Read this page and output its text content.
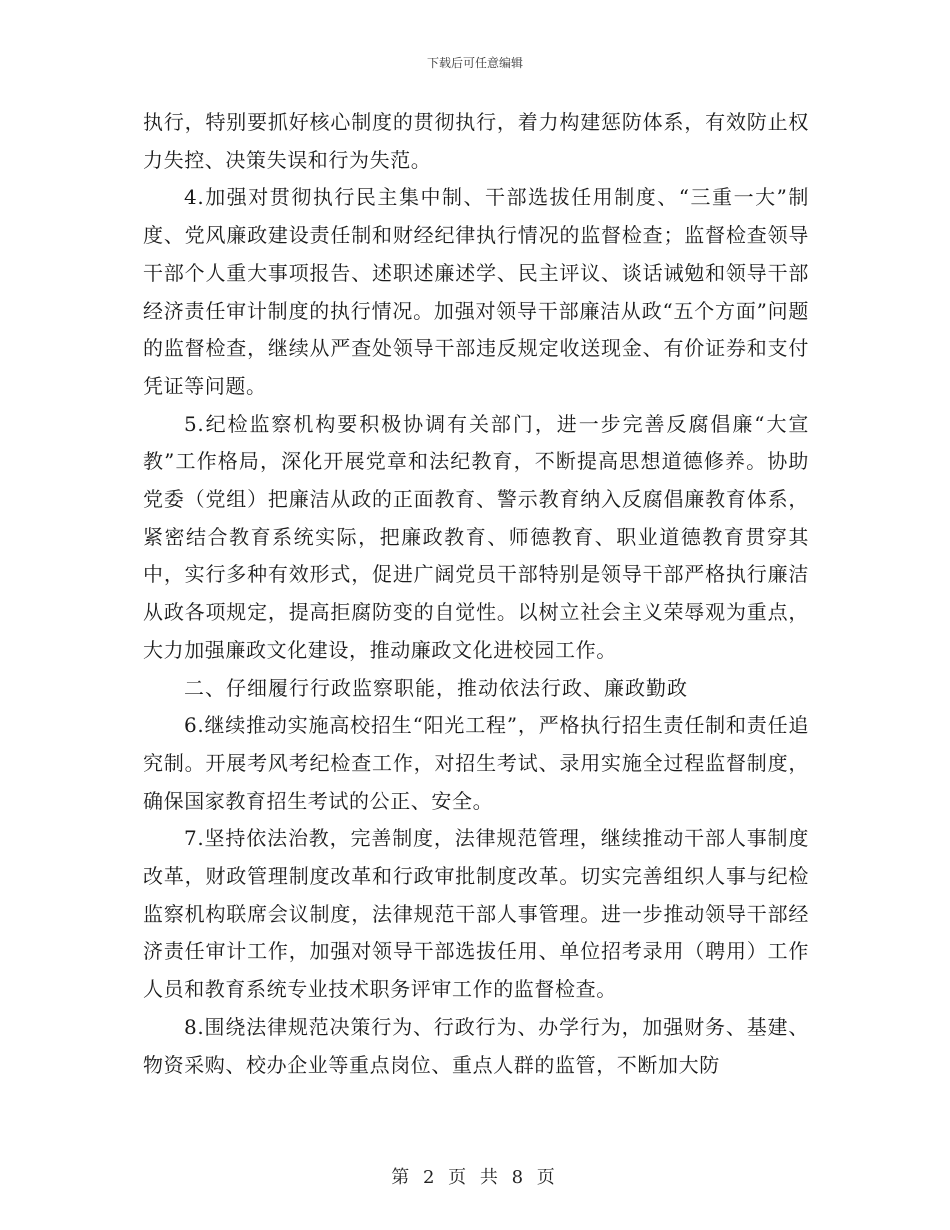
下载后可任意编辑

执行，特别要抓好核心制度的贯彻执行，着力构建惩防体系，有效防止权力失控、决策失误和行为失范。

4.加强对贯彻执行民主集中制、干部选拔任用制度、“三重一大”制度、党风廉政建设责任制和财经纪律执行情况的监督检查；监督检查领导干部个人重大事项报告、述职述廉述学、民主评议、谈话诫勉和领导干部经济责任审计制度的执行情况。加强对领导干部廉洁从政“五个方面”问题的监督检查，继续从严查处领导干部违反规定收送现金、有价证券和支付凭证等问题。

5.纪检监察机构要积极协调有关部门，进一步完善反腐倡廉“大宣教”工作格局，深化开展党章和法纪教育，不断提高思想道德修养。协助党委（党组）把廉洁从政的正面教育、警示教育纳入反腐倡廉教育体系，紧密结合教育系统实际，把廉政教育、师德教育、职业道德教育贯穿其中，实行多种有效形式，促进广阔党员干部特别是领导干部严格执行廉洁从政各项规定，提高拒腐防变的自觉性。以树立社会主义荣辱观为重点，大力加强廉政文化建设，推动廉政文化进校园工作。

二、仔细履行行政监察职能，推动依法行政、廉政勤政

6.继续推动实施高校招生“阳光工程”，严格执行招生责任制和责任追究制。开展考风考纪检查工作，对招生考试、录用实施全过程监督制度，确保国家教育招生考试的公正、安全。

7.坚持依法治教，完善制度，法律规范管理，继续推动干部人事制度改革，财政管理制度改革和行政审批制度改革。切实完善组织人事与纪检监察机构联席会议制度，法律规范干部人事管理。进一步推动领导干部经济责任审计工作，加强对领导干部选拔任用、单位招考录用（聘用）工作人员和教育系统专业技术职务评审工作的监督检查。

8.围绕法律规范决策行为、行政行为、办学行为，加强财务、基建、物资采购、校办企业等重点岗位、重点人群的监管，不断加大防

第 2 页 共 8 页
